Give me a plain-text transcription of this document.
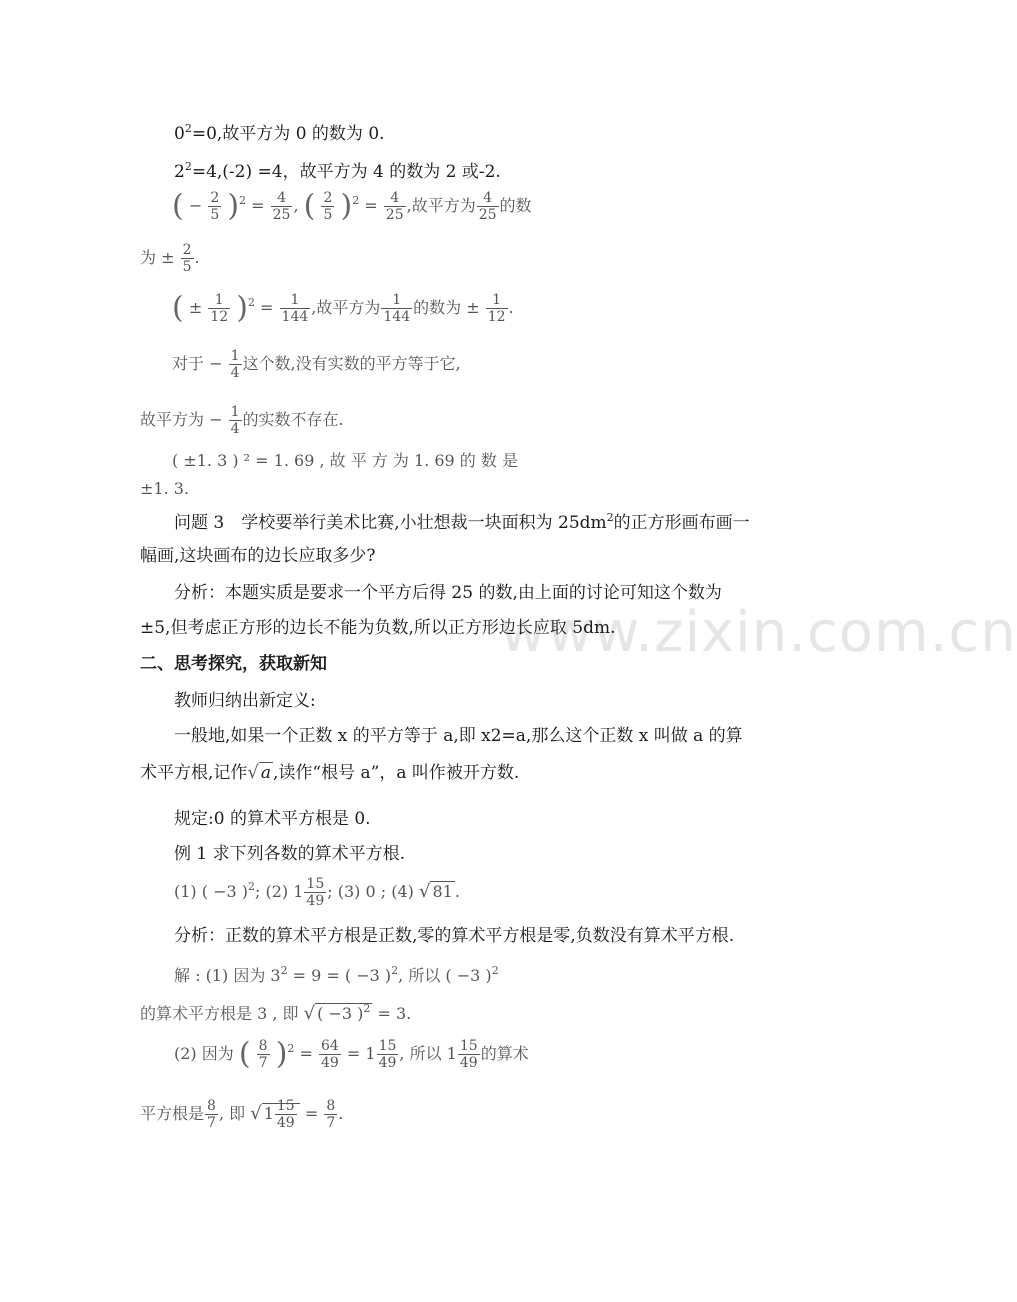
www.zixin.com.cn
$0^2=0$,故平方为 0 的数为 0.
$2^2=4,(-2) =4$，故平方为 4 的数为 2 或-2.
( − $\frac{2}{5} )^2 = \frac{4}{25}$ , ( $\frac{2}{5} )^2 = \frac{4}{25}$ ,故平方为 $\frac{4}{25}$ 的数
为 ± $\frac{2}{5}$ .
( ± $\frac{1}{12} )^2 = \frac{1}{144}$ ,故平方为 $\frac{1}{144}$ 的数为 ± $\frac{1}{12}$ .
对于 − $\frac{1}{4}$ 这个数,没有实数的平方等于它,
故平方为 − $\frac{1}{4}$ 的实数不存在.
( ±1. 3 ) ² = 1. 69 , 故 平 方 为 1. 69 的 数 是
±1. 3.
问题 3　学校要举行美术比赛,小壮想裁一块面积为 $25dm^2$的正方形画布画一
幅画,这块画布的边长应取多少?
分析：本题实质是要求一个平方后得 25 的数,由上面的讨论可知这个数为
±5,但考虑正方形的边长不能为负数,所以正方形边长应取 5dm.
二、思考探究，获取新知
教师归纳出新定义:
一般地,如果一个正数 x 的平方等于 a,即 x2=a,那么这个正数 x 叫做 a 的算
术平方根,记作√ a ,读作“根号 a”，a 叫作被开方数.
规定:0 的算术平方根是 0.
例 1 求下列各数的算术平方根.
(1) ( −3 )$^2$; (2) $1 \frac{15}{49}$ ; (3) 0 ; (4) √ 81 .
分析：正数的算术平方根是正数,零的算术平方根是零,负数没有算术平方根.
解 : (1) 因为 $3^2 = 9$ = ( −3 )$^2$, 所以 ( −3 )$^2$
的算术平方根是 3 , 即 √ ( −3 )$^2$ = 3.
(2) 因为 ( $\frac{8}{7} )^2 = \frac{64}{49} = 1 \frac{15}{49}$ , 所以 $1 \frac{15}{49}$ 的算术
平方根是 $\frac{8}{7}$ , 即 √ $1 \frac{15}{49} = \frac{8}{7}$ .
